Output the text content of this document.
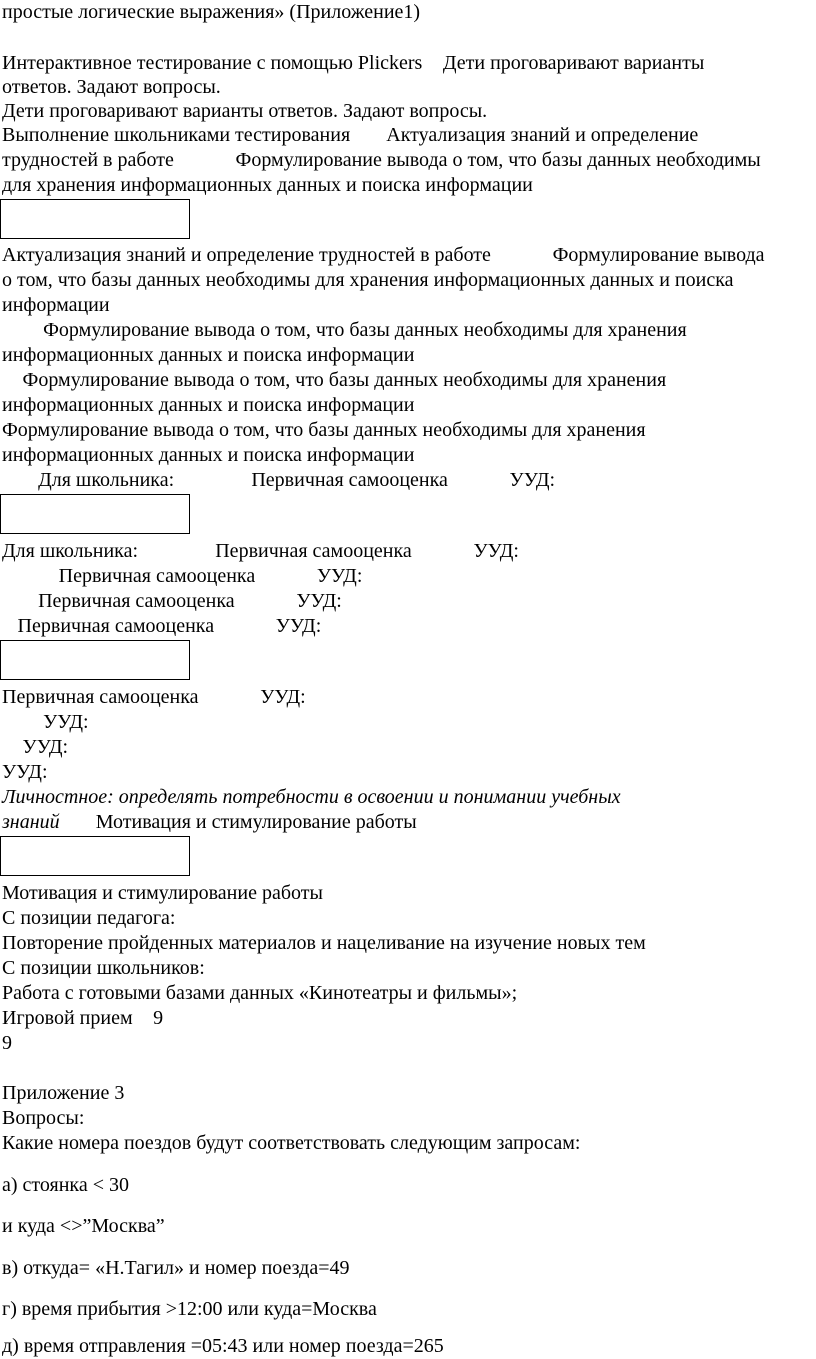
простые логические выражения» (Приложение1)
Интерактивное тестирование с помощью Plickers Дети проговаривают варианты
ответов. Задают вопросы.
Дети проговаривают варианты ответов. Задают вопросы.
Выполнение школьниками тестирования Актуализация знаний и определение
трудностей в работе Формулирование вывода о том, что базы данных необходимы
для хранения информационных данных и поиска информации
Актуализация знаний и определение трудностей в работе Формулирование вывода
о том, что базы данных необходимы для хранения информационных данных и поиска
информации
Формулирование вывода о том, что базы данных необходимы для хранения
информационных данных и поиска информации
Формулирование вывода о том, что базы данных необходимы для хранения
информационных данных и поиска информации
Формулирование вывода о том, что базы данных необходимы для хранения
информационных данных и поиска информации
Для школьника: Первичная самооценка УУД:
Для школьника: Первичная самооценка УУД:
Первичная самооценка УУД:
Первичная самооценка УУД:
Первичная самооценка УУД:
Первичная самооценка УУД:
УУД:
УУД:
УУД:
Личностное: определять потребности в освоении и понимании учебных
знаний Мотивация и стимулирование работы
Мотивация и стимулирование работы
С позиции педагога:
Повторение пройденных материалов и нацеливание на изучение новых тем
С позиции школьников:
Работа с готовыми базами данных «Кинотеатры и фильмы»;
Игровой прием 9
9
Приложение 3
Вопросы:
Какие номера поездов будут соответствовать следующим запросам:
а) стоянка < 30
и куда <>”Москва”
в) откуда= «Н.Тагил» и номер поезда=49
г) время прибытия >12:00 или куда=Москва
д) время отправления =05:43 или номер поезда=265
